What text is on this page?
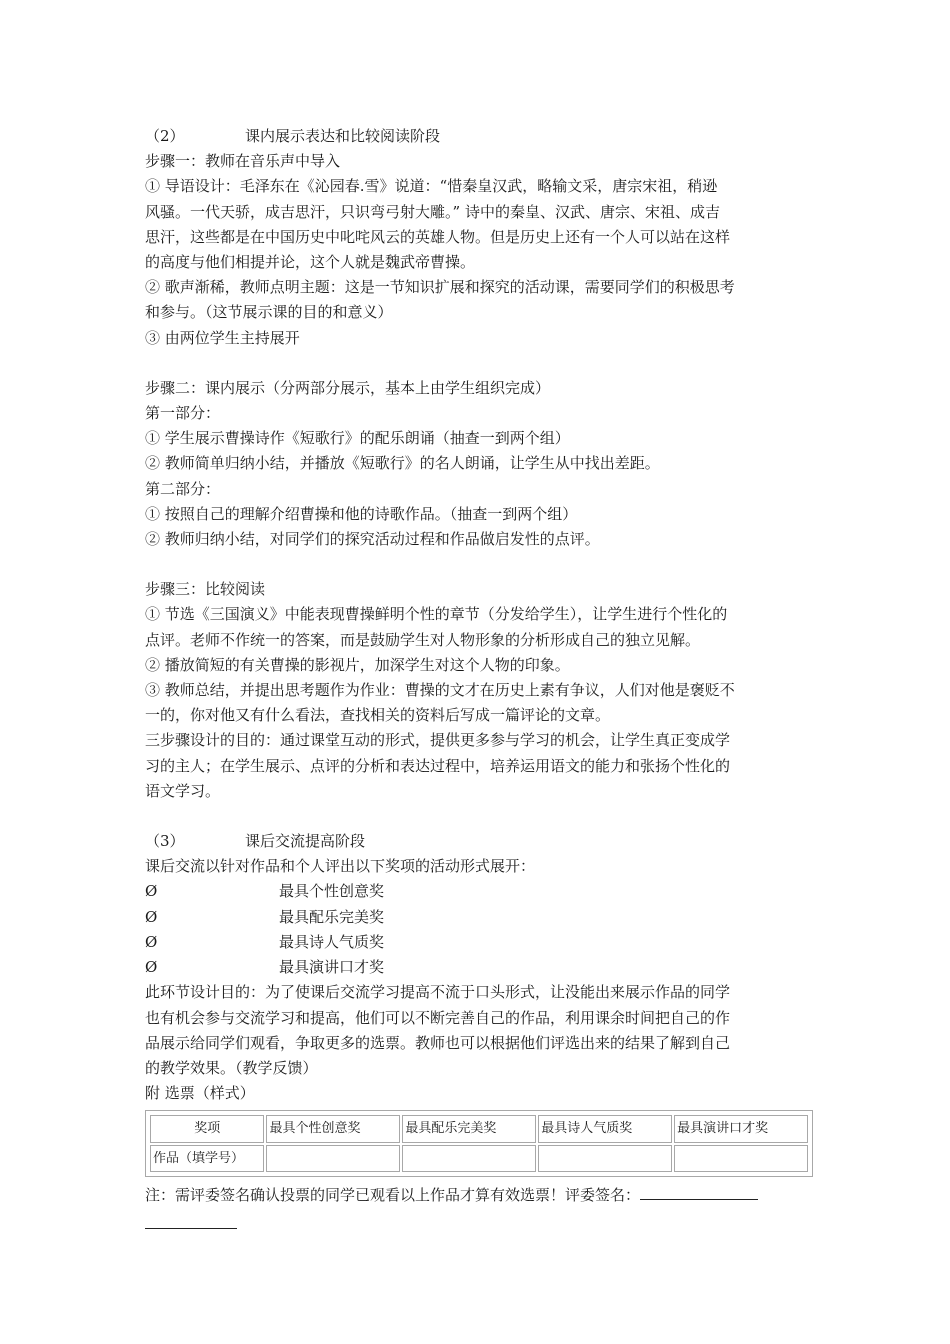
（2）	课内展示表达和比较阅读阶段

步骤一：教师在音乐声中导入

① 导语设计：毛泽东在《沁园春.雪》说道：“惜秦皇汉武，略输文采，唐宗宋祖，稍逊

风骚。一代天骄，成吉思汗，只识弯弓射大雕。” 诗中的秦皇、汉武、唐宗、宋祖、成吉

思汗，这些都是在中国历史中叱咤风云的英雄人物。但是历史上还有一个人可以站在这样

的高度与他们相提并论，这个人就是魏武帝曹操。

② 歌声渐稀，教师点明主题：这是一节知识扩展和探究的活动课，需要同学们的积极思考

和参与。（这节展示课的目的和意义）

③ 由两位学生主持展开

步骤二：课内展示（分两部分展示，基本上由学生组织完成）

第一部分：

① 学生展示曹操诗作《短歌行》的配乐朗诵（抽查一到两个组）

② 教师简单归纳小结，并播放《短歌行》的名人朗诵，让学生从中找出差距。

第二部分：

① 按照自己的理解介绍曹操和他的诗歌作品。（抽查一到两个组）

② 教师归纳小结，对同学们的探究活动过程和作品做启发性的点评。

步骤三：比较阅读

① 节选《三国演义》中能表现曹操鲜明个性的章节（分发给学生），让学生进行个性化的

点评。老师不作统一的答案，而是鼓励学生对人物形象的分析形成自己的独立见解。

② 播放简短的有关曹操的影视片，加深学生对这个人物的印象。

③ 教师总结，并提出思考题作为作业：曹操的文才在历史上素有争议，人们对他是褒贬不

一的，你对他又有什么看法，查找相关的资料后写成一篇评论的文章。

三步骤设计的目的：通过课堂互动的形式，提供更多参与学习的机会，让学生真正变成学

习的主人；在学生展示、点评的分析和表达过程中，培养运用语文的能力和张扬个性化的

语文学习。

（3）	课后交流提高阶段

课后交流以针对作品和个人评出以下奖项的活动形式展开：

Ø	最具个性创意奖
Ø	最具配乐完美奖
Ø	最具诗人气质奖
Ø	最具演讲口才奖

此环节设计目的：为了使课后交流学习提高不流于口头形式，让没能出来展示作品的同学

也有机会参与交流学习和提高，他们可以不断完善自己的作品，利用课余时间把自己的作

品展示给同学们观看，争取更多的选票。教师也可以根据他们评选出来的结果了解到自己

的教学效果。（教学反馈）

附 选票（样式）

奖项	最具个性创意奖	最具配乐完美奖	最具诗人气质奖	最具演讲口才奖
作品（填学号）				

注：需评委签名确认投票的同学已观看以上作品才算有效选票！评委签名：
